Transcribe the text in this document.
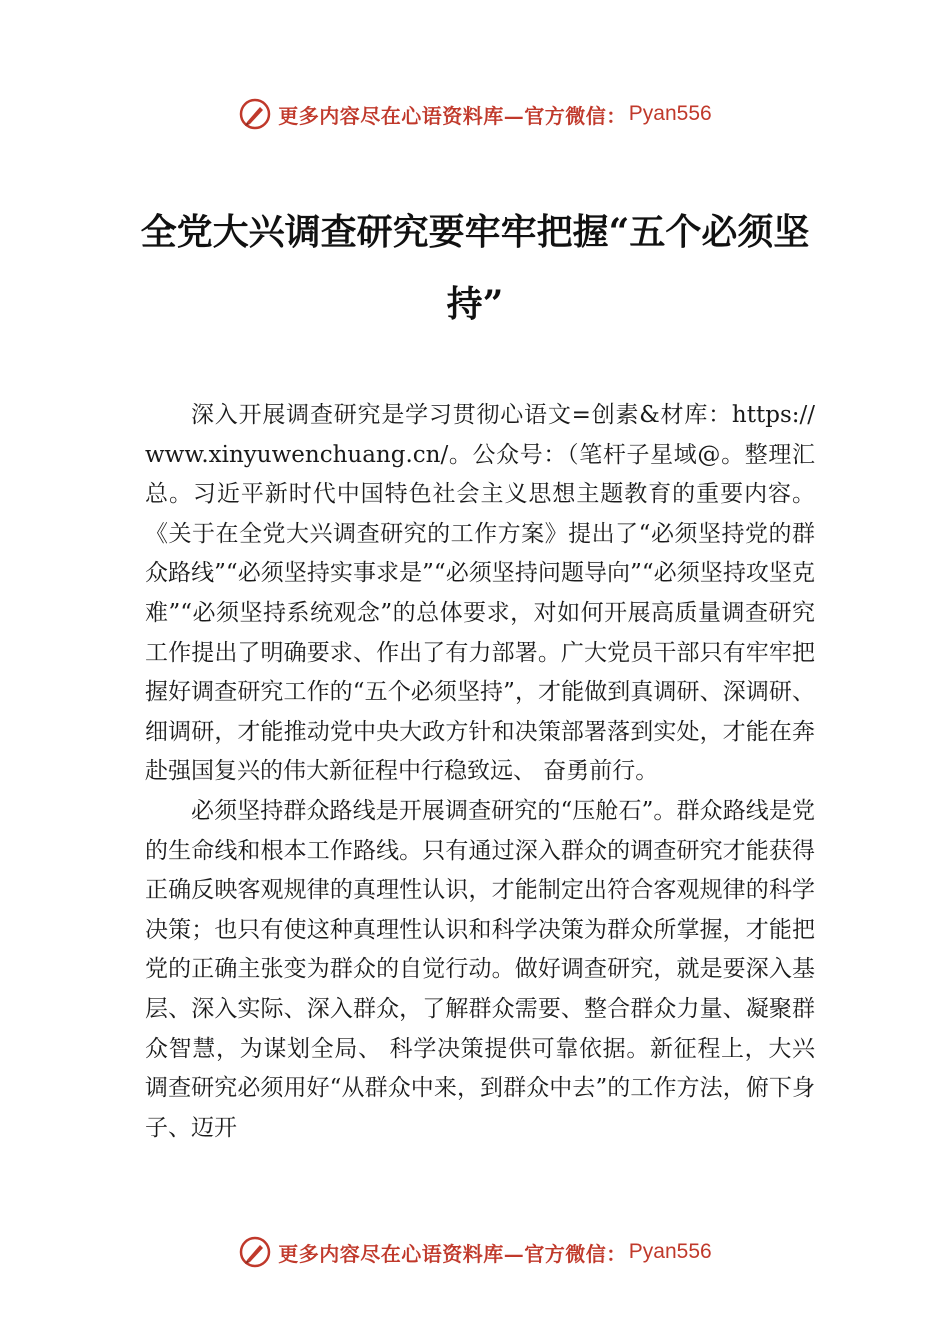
更多内容尽在心语资料库—官方微信： Pyan556
全党大兴调查研究要牢牢把握“五个必须坚持”

深入开展调查研究是学习贯彻心语文=创素&材库：https://www.xinyuwenchuang.cn/。公众号：（笔杆子星域@。整理汇总。习近平新时代中国特色社会主义思想主题教育的重要内容。《关于在全党大兴调查研究的工作方案》提出了“必须坚持党的群众路线”“必须坚持实事求是”“必须坚持问题导向”“必须坚持攻坚克难”“必须坚持系统观念”的总体要求，对如何开展高质量调查研究工作提出了明确要求、作出了有力部署。广大党员干部只有牢牢把握好调查研究工作的“五个必须坚持”，才能做到真调研、深调研、细调研，才能推动党中央大政方针和决策部署落到实处，才能在奔赴强国复兴的伟大新征程中行稳致远、 奋勇前行。

必须坚持群众路线是开展调查研究的“压舱石”。群众路线是党的生命线和根本工作路线。只有通过深入群众的调查研究才能获得正确反映客观规律的真理性认识，才能制定出符合客观规律的科学决策；也只有使这种真理性认识和科学决策为群众所掌握，才能把党的正确主张变为群众的自觉行动。做好调查研究，就是要深入基层、深入实际、深入群众，了解群众需要、整合群众力量、凝聚群众智慧，为谋划全局、 科学决策提供可靠依据。新征程上，大兴调查研究必须用好“从群众中来，到群众中去”的工作方法，俯下身子、迈开

更多内容尽在心语资料库—官方微信： Pyan556
